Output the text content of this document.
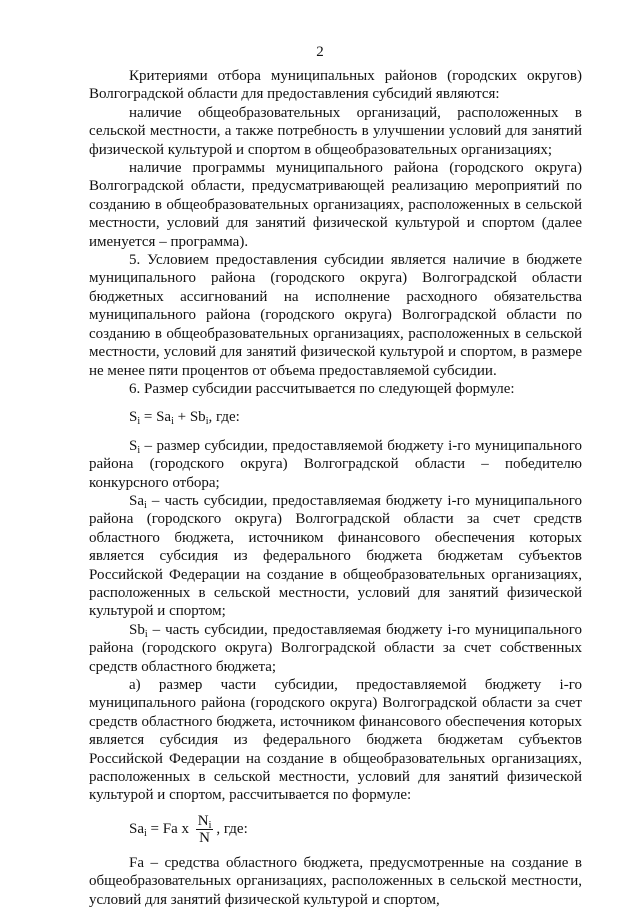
2

Критериями отбора муниципальных районов (городских округов) Волгоградской области для предоставления субсидий являются:

наличие общеобразовательных организаций, расположенных в сельской местности, а также потребность в улучшении условий для занятий физической культурой и спортом в общеобразовательных организациях;

наличие программы муниципального района (городского округа) Волгоградской области, предусматривающей реализацию мероприятий по созданию в общеобразовательных организациях, расположенных в сельской местности, условий для занятий физической культурой и спортом (далее именуется – программа).

5. Условием предоставления субсидии является наличие в бюджете муниципального района (городского округа) Волгоградской области бюджетных ассигнований на исполнение расходного обязательства муниципального района (городского округа) Волгоградской области по созданию в общеобразовательных организациях, расположенных в сельской местности, условий для занятий физической культурой и спортом, в размере не менее пяти процентов от объема предоставляемой субсидии.

6. Размер субсидии рассчитывается по следующей формуле:

$S_i = Sa_i + Sb_i$, где:

$S_i$ – размер субсидии, предоставляемой бюджету i-го муниципального района (городского округа) Волгоградской области – победителю конкурсного отбора;

$Sa_i$ – часть субсидии, предоставляемая бюджету i-го муниципального района (городского округа) Волгоградской области за счет средств областного бюджета, источником финансового обеспечения которых является субсидия из федерального бюджета бюджетам субъектов Российской Федерации на создание в общеобразовательных организациях, расположенных в сельской местности, условий для занятий физической культурой и спортом;

$Sb_i$ – часть субсидии, предоставляемая бюджету i-го муниципального района (городского округа) Волгоградской области за счет собственных средств областного бюджета;

а) размер части субсидии, предоставляемой бюджету i-го муниципального района (городского округа) Волгоградской области за счет средств областного бюджета, источником финансового обеспечения которых является субсидия из федерального бюджета бюджетам субъектов Российской Федерации на создание в общеобразовательных организациях, расположенных в сельской местности, условий для занятий физической культурой и спортом, рассчитывается по формуле:

$Sa_i = Fa$ x $\frac{N_i}{N}$ , где:

Fa – средства областного бюджета, предусмотренные на создание в общеобразовательных организациях, расположенных в сельской местности, условий для занятий физической культурой и спортом,
